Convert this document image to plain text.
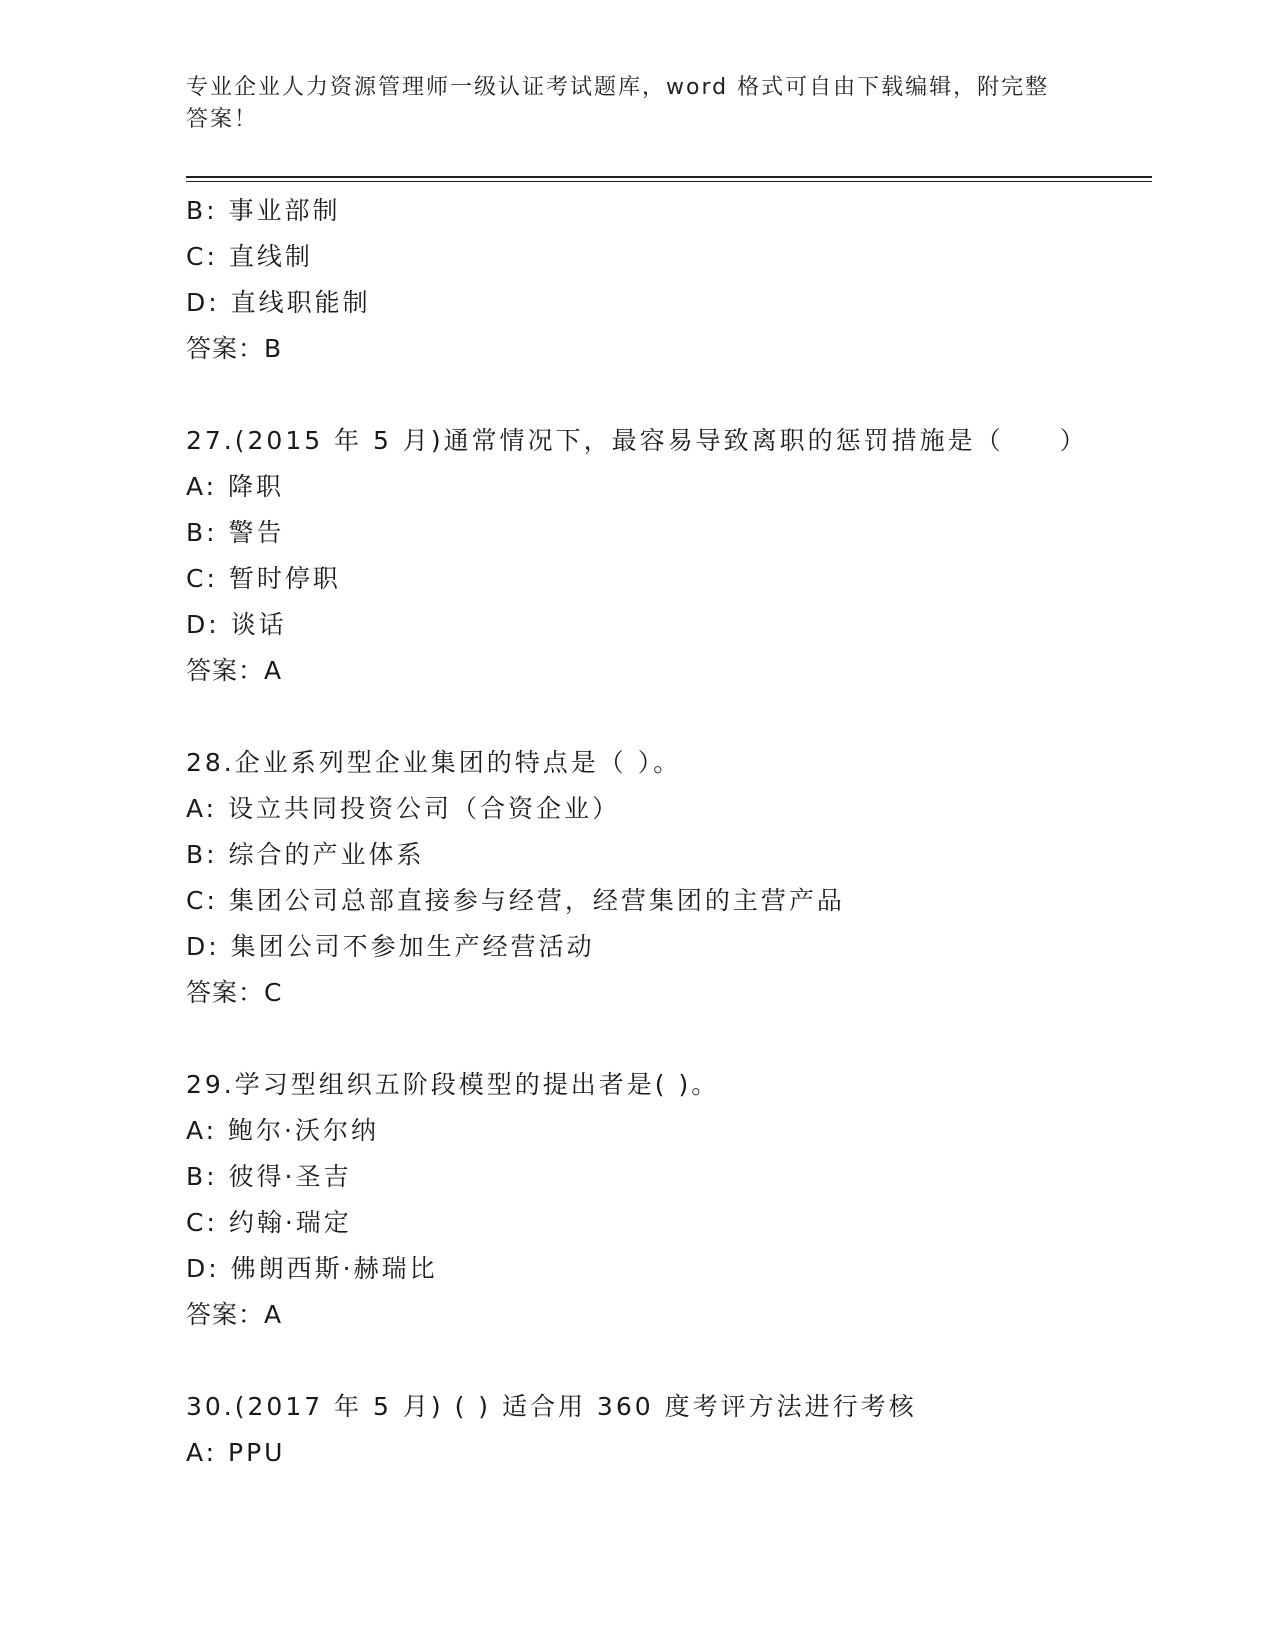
专业企业人力资源管理师一级认证考试题库，word 格式可自由下载编辑，附完整答案！
B: 事业部制
C: 直线制
D: 直线职能制
答案：B
27.(2015 年 5 月)通常情况下，最容易导致离职的惩罚措施是（　　）
A: 降职
B: 警告
C: 暂时停职
D: 谈话
答案：A
28.企业系列型企业集团的特点是（ ）。
A: 设立共同投资公司（合资企业）
B: 综合的产业体系
C: 集团公司总部直接参与经营，经营集团的主营产品
D: 集团公司不参加生产经营活动
答案：C
29.学习型组织五阶段模型的提出者是( )。
A: 鲍尔·沃尔纳
B: 彼得·圣吉
C: 约翰·瑞定
D: 佛朗西斯·赫瑞比
答案：A
30.(2017 年 5 月) ( ) 适合用 360 度考评方法进行考核
A: PPU
